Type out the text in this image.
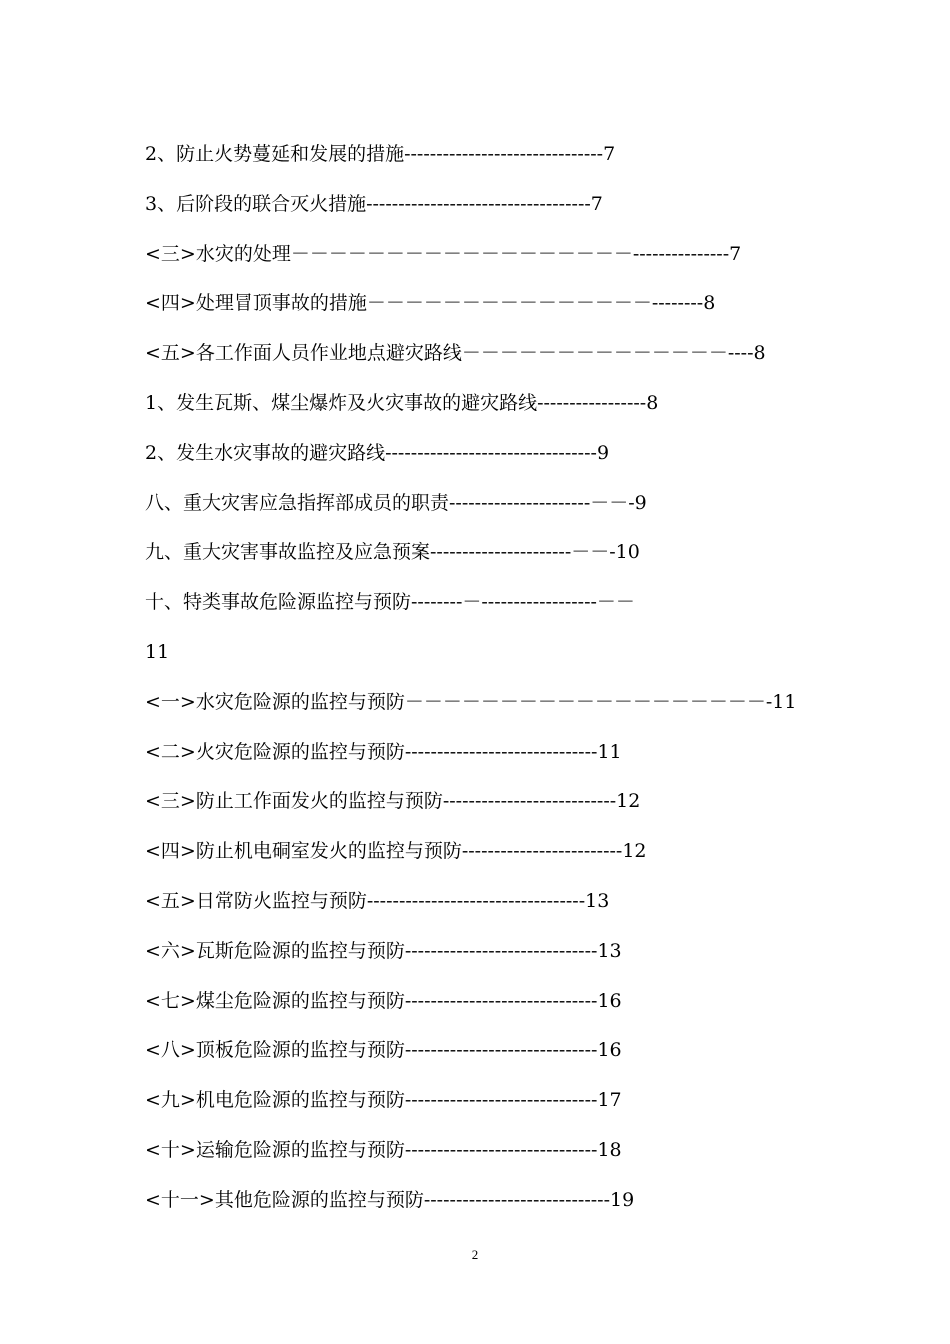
2、防止火势蔓延和发展的措施-------------------------------7
3、后阶段的联合灭火措施-----------------------------------7
<三>水灾的处理－－－－－－－－－－－－－－－－－－---------------7
<四>处理冒顶事故的措施－－－－－－－－－－－－－－－--------8
<五>各工作面人员作业地点避灾路线－－－－－－－－－－－－－－----8
1、发生瓦斯、煤尘爆炸及火灾事故的避灾路线-----------------8
2、发生水灾事故的避灾路线---------------------------------9
八、重大灾害应急指挥部成员的职责----------------------－－-9
九、重大灾害事故监控及应急预案----------------------－－-10
十、特类事故危险源监控与预防--------－------------------－－
11
<一>水灾危险源的监控与预防－－－－－－－－－－－－－－－－－－－-11
<二>火灾危险源的监控与预防------------------------------11
<三>防止工作面发火的监控与预防---------------------------12
<四>防止机电硐室发火的监控与预防-------------------------12
<五>日常防火监控与预防----------------------------------13
<六>瓦斯危险源的监控与预防------------------------------13
<七>煤尘危险源的监控与预防------------------------------16
<八>顶板危险源的监控与预防------------------------------16
<九>机电危险源的监控与预防------------------------------17
<十>运输危险源的监控与预防------------------------------18
<十一>其他危险源的监控与预防-----------------------------19
2
